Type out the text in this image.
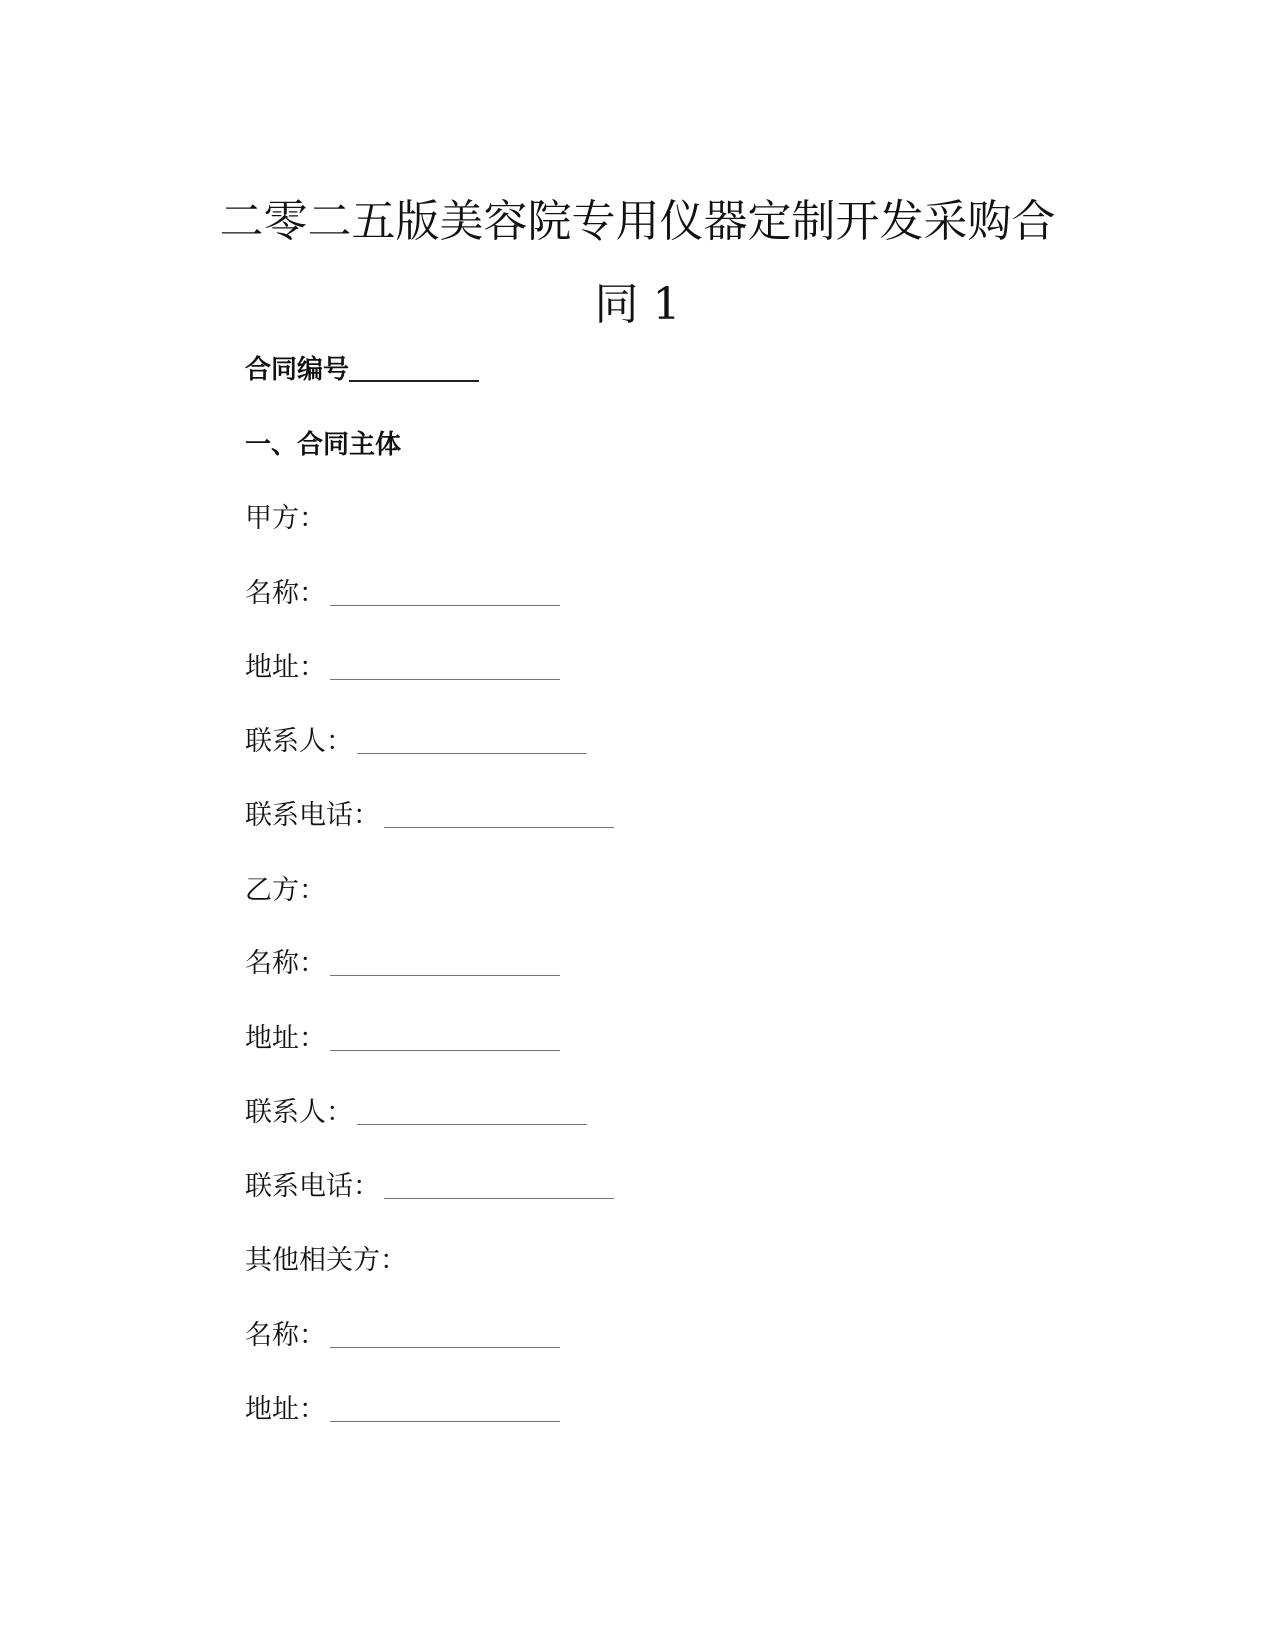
二零二五版美容院专用仪器定制开发采购合
同 1
合同编号
一、合同主体
甲方：
名称：
地址：
联系人：
联系电话：
乙方：
名称：
地址：
联系人：
联系电话：
其他相关方：
名称：
地址：
